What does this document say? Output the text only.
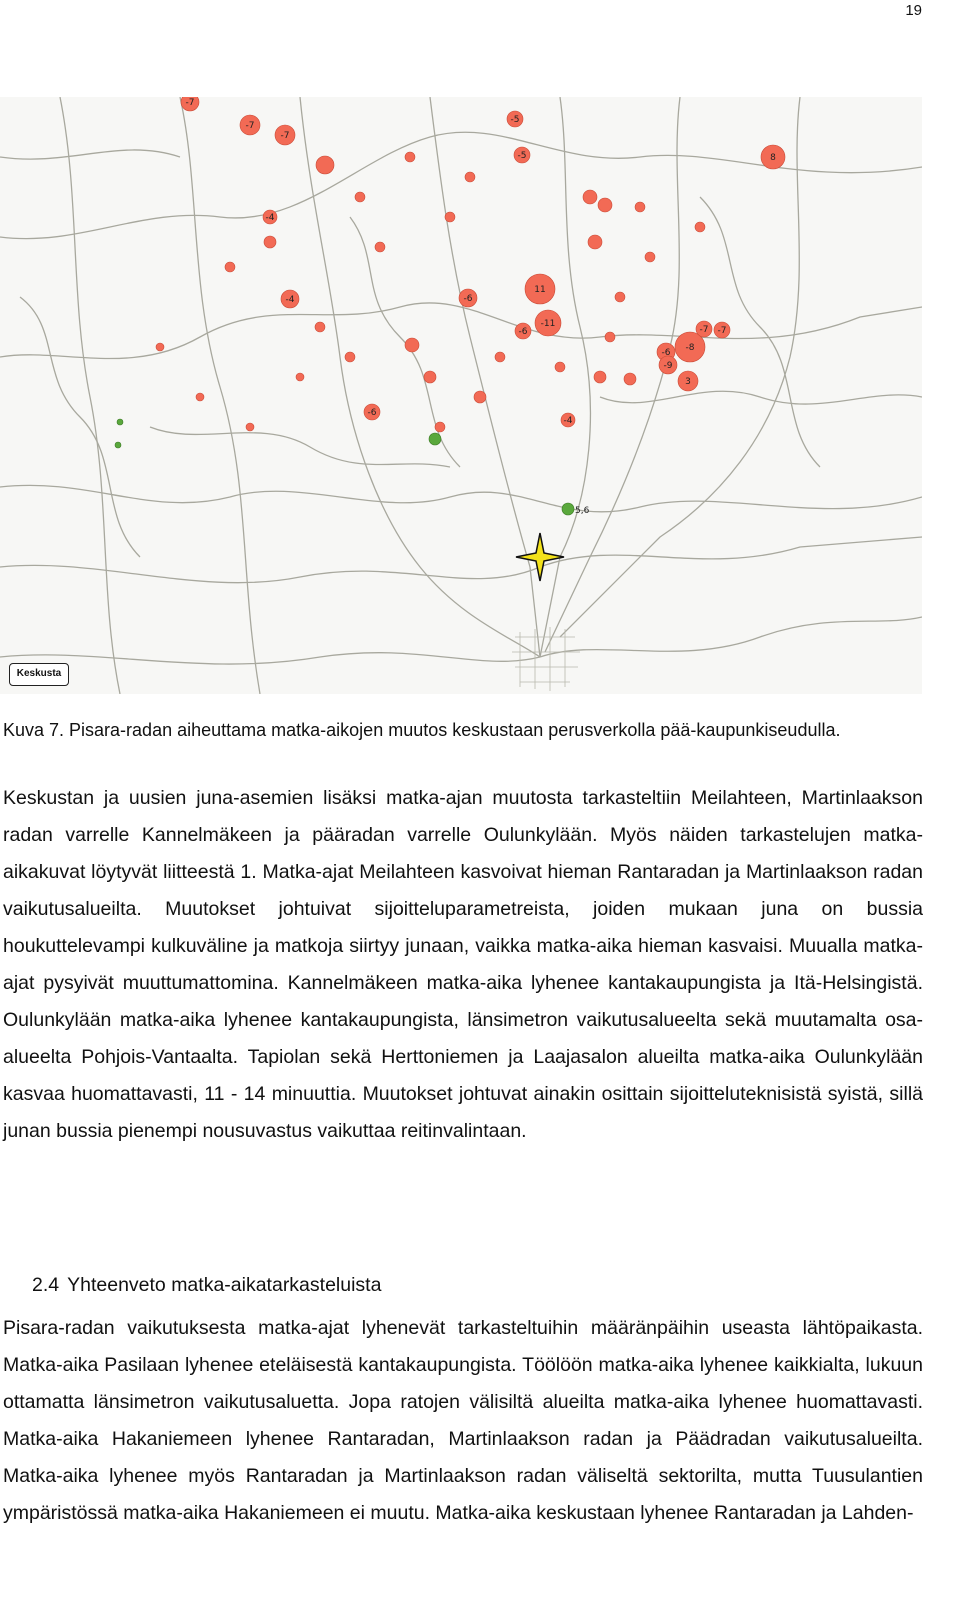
19
-7
-7
-7
-5
-5
8
11
-11
-6
-6
-8
-7 -7
-6
-9
3
-6
-4
-4
-4
5,6
Keskusta

Kuva 7. Pisara-radan aiheuttama matka-aikojen muutos keskustaan perusverkolla pää-kaupunkiseudulla.

Keskustan ja uusien juna-asemien lisäksi matka-ajan muutosta tarkasteltiin Meilahteen, Martinlaakson radan varrelle Kannelmäkeen ja pääradan varrelle Oulunkylään. Myös näiden tarkastelujen matka-aikakuvat löytyvät liitteestä 1. Matka-ajat Meilahteen kasvoivat hieman Rantaradan ja Martinlaakson radan vaikutusalueilta. Muutokset johtuivat sijoitteluparametreista, joiden mukaan juna on bussia houkuttelevampi kulkuväline ja matkoja siirtyy junaan, vaikka matka-aika hieman kasvaisi. Muualla matka-ajat pysyivät muuttumattomina. Kannelmäkeen matka-aika lyhenee kantakaupungista ja Itä-Helsingistä. Oulunkylään matka-aika lyhenee kantakaupungista, länsimetron vaikutusalueelta sekä muutamalta osa-alueelta Pohjois-Vantaalta. Tapiolan sekä Herttoniemen ja Laajasalon alueilta matka-aika Oulunkylään kasvaa huomattavasti, 11 - 14 minuuttia. Muutokset johtuvat ainakin osittain sijoitteluteknisistä syistä, sillä junan bussia pienempi nousuvastus vaikuttaa reitinvalintaan.

2.4 Yhteenveto matka-aikatarkasteluista

Pisara-radan vaikutuksesta matka-ajat lyhenevät tarkasteltuihin määränpäihin useasta lähtöpaikasta. Matka-aika Pasilaan lyhenee eteläisestä kantakaupungista. Töölöön matka-aika lyhenee kaikkialta, lukuun ottamatta länsimetron vaikutusaluetta. Jopa ratojen välisiltä alueilta matka-aika lyhenee huomattavasti. Matka-aika Hakaniemeen lyhenee Rantaradan, Martinlaakson radan ja Päädradan vaikutusalueilta. Matka-aika lyhenee myös Rantaradan ja Martinlaakson radan väliseltä sektorilta, mutta Tuusulantien ympäristössä matka-aika Hakaniemeen ei muutu. Matka-aika keskustaan lyhenee Rantaradan ja Lahden-
